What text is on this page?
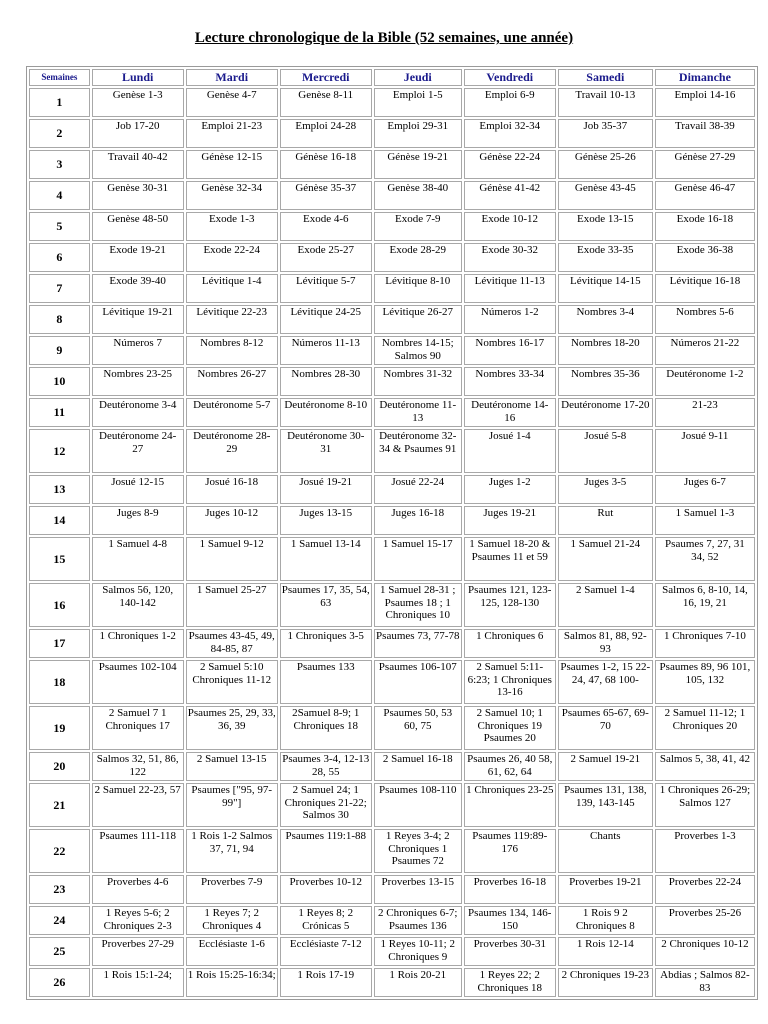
Lecture chronologique de la Bible (52 semaines, une année)
Semaines	Lundi	Mardi	Mercredi	Jeudi	Vendredi	Samedi	Dimanche
1	Genèse 1-3	Genèse 4-7	Genèse 8-11	Emploi 1-5	Emploi 6-9	Travail 10-13	Emploi 14-16
2	Job 17-20	Emploi 21-23	Emploi 24-28	Emploi 29-31	Emploi 32-34	Job 35-37	Travail 38-39
3	Travail 40-42	Génèse 12-15	Génèse 16-18	Génèse 19-21	Génèse 22-24	Génèse 25-26	Génèse 27-29
4	Genèse 30-31	Genèse 32-34	Génèse 35-37	Genèse 38-40	Génèse 41-42	Genèse 43-45	Genèse 46-47
5	Genèse 48-50	Exode 1-3	Exode 4-6	Exode 7-9	Exode 10-12	Exode 13-15	Exode 16-18
6	Exode 19-21	Exode 22-24	Exode 25-27	Exode 28-29	Exode 30-32	Exode 33-35	Exode 36-38
7	Exode 39-40	Lévitique 1-4	Lévitique 5-7	Lévitique 8-10	Lévitique 11-13	Lévitique 14-15	Lévitique 16-18
8	Lévitique 19-21	Lévitique 22-23	Lévitique 24-25	Lévitique 26-27	Números 1-2	Nombres 3-4	Nombres 5-6
9	Números 7	Nombres 8-12	Números 11-13	Nombres 14-15; Salmos 90	Nombres 16-17	Nombres 18-20	Números 21-22
10	Nombres 23-25	Nombres 26-27	Nombres 28-30	Nombres 31-32	Nombres 33-34	Nombres 35-36	Deutéronome 1-2
11	Deutéronome 3-4	Deutéronome 5-7	Deutéronome 8-10	Deutéronome 11-13	Deutéronome 14-16	Deutéronome 17-20	21-23
12	Deutéronome 24-27	Deutéronome 28-29	Deutéronome 30-31	Deutéronome 32-34 & Psaumes 91	Josué 1-4	Josué 5-8	Josué 9-11
13	Josué 12-15	Josué 16-18	Josué 19-21	Josué 22-24	Juges 1-2	Juges 3-5	Juges 6-7
14	Juges 8-9	Juges 10-12	Juges 13-15	Juges 16-18	Juges 19-21	Rut	1 Samuel 1-3
15	1 Samuel 4-8	1 Samuel 9-12	1 Samuel 13-14	1 Samuel 15-17	1 Samuel 18-20 & Psaumes 11 et 59	1 Samuel 21-24	Psaumes 7, 27, 31 34, 52
16	Salmos 56, 120, 140-142	1 Samuel 25-27	Psaumes 17, 35, 54, 63	1 Samuel 28-31 ; Psaumes 18 ; 1 Chroniques 10	Psaumes 121, 123-125, 128-130	2 Samuel 1-4	Salmos 6, 8-10, 14, 16, 19, 21
17	1 Chroniques 1-2	Psaumes 43-45, 49, 84-85, 87	1 Chroniques 3-5	Psaumes 73, 77-78	1 Chroniques 6	Salmos 81, 88, 92-93	1 Chroniques 7-10
18	Psaumes 102-104	2 Samuel 5:10 Chroniques 11-12	Psaumes 133	Psaumes 106-107	2 Samuel 5:11-6:23; 1 Chroniques 13-16	Psaumes 1-2, 15 22-24, 47, 68 100-	Psaumes 89, 96 101, 105, 132
19	2 Samuel 7 1 Chroniques 17	Psaumes 25, 29, 33, 36, 39	2Samuel 8-9; 1 Chroniques 18	Psaumes 50, 53 60, 75	2 Samuel 10; 1 Chroniques 19 Psaumes 20	Psaumes 65-67, 69-70	2 Samuel 11-12; 1 Chroniques 20
20	Salmos 32, 51, 86, 122	2 Samuel 13-15	Psaumes 3-4, 12-13 28, 55	2 Samuel 16-18	Psaumes 26, 40 58, 61, 62, 64	2 Samuel 19-21	Salmos 5, 38, 41, 42
21	2 Samuel 22-23, 57	Psaumes ["95, 97-99"]	2 Samuel 24; 1 Chroniques 21-22; Salmos 30	Psaumes 108-110	1 Chroniques 23-25	Psaumes 131, 138, 139, 143-145	1 Chroniques 26-29; Salmos 127
22	Psaumes 111-118	1 Rois 1-2 Salmos 37, 71, 94	Psaumes 119:1-88	1 Reyes 3-4; 2 Chroniques 1 Psaumes 72	Psaumes 119:89-176	Chants	Proverbes 1-3
23	Proverbes 4-6	Proverbes 7-9	Proverbes 10-12	Proverbes 13-15	Proverbes 16-18	Proverbes 19-21	Proverbes 22-24
24	1 Reyes 5-6; 2 Chroniques 2-3	1 Reyes 7; 2 Chroniques 4	1 Reyes 8; 2 Crónicas 5	2 Chroniques 6-7; Psaumes 136	Psaumes 134, 146-150	1 Rois 9 2 Chroniques 8	Proverbes 25-26
25	Proverbes 27-29	Ecclésiaste 1-6	Ecclésiaste 7-12	1 Reyes 10-11; 2 Chroniques 9	Proverbes 30-31	1 Rois 12-14	2 Chroniques 10-12
26	1 Rois 15:1-24;	1 Rois 15:25-16:34;	1 Rois 17-19	1 Rois 20-21	1 Reyes 22; 2 Chroniques 18	2 Chroniques 19-23	Abdias ; Salmos 82-83
